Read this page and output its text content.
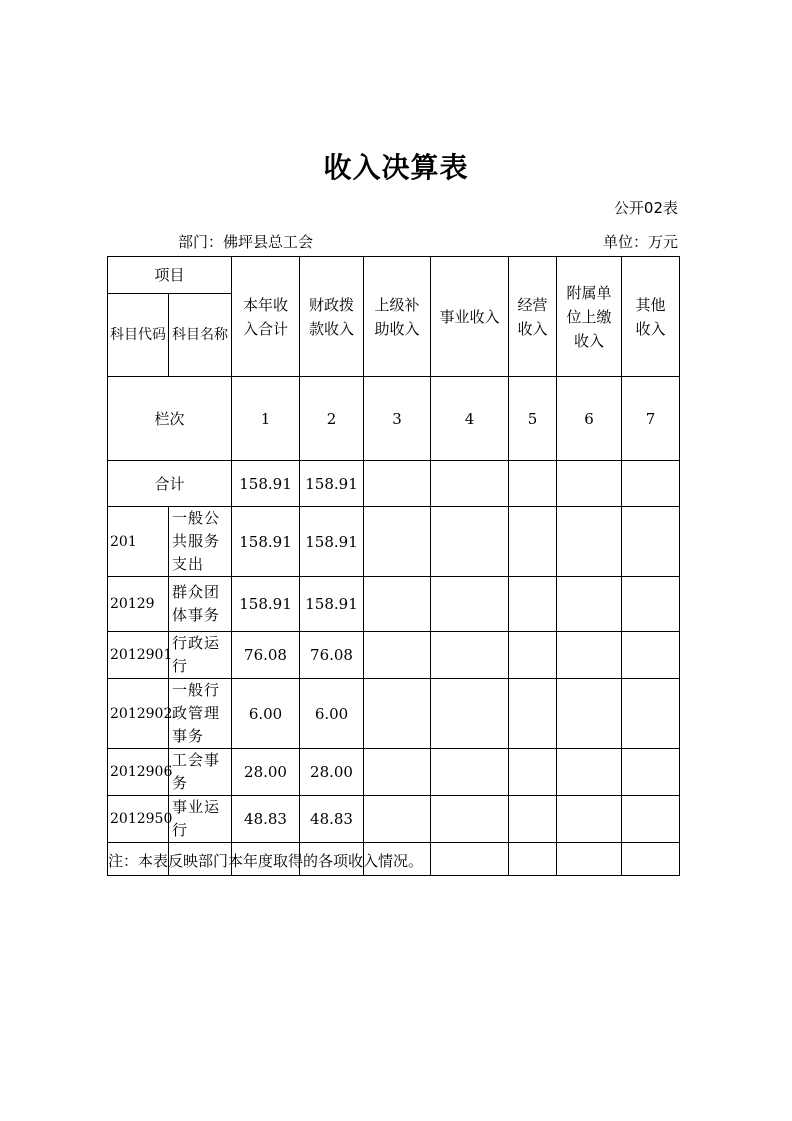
收入决算表
公开02表
部门：佛坪县总工会	单位：万元
项目		本年收入合计	财政拨款收入	上级补助收入	事业收入	经营收入	附属单位上缴收入	其他收入
科目代码	科目名称							
栏次		1	2	3	4	5	6	7
合计		158.91	158.91					
201	一般公共服务支出	158.91	158.91					
20129	群众团体事务	158.91	158.91					
2012901	行政运行	76.08	76.08					
2012902	一般行政管理事务	6.00	6.00					
2012906	工会事务	28.00	28.00					
2012950	事业运行	48.83	48.83					

注：本表反映部门本年度取得的各项收入情况。
